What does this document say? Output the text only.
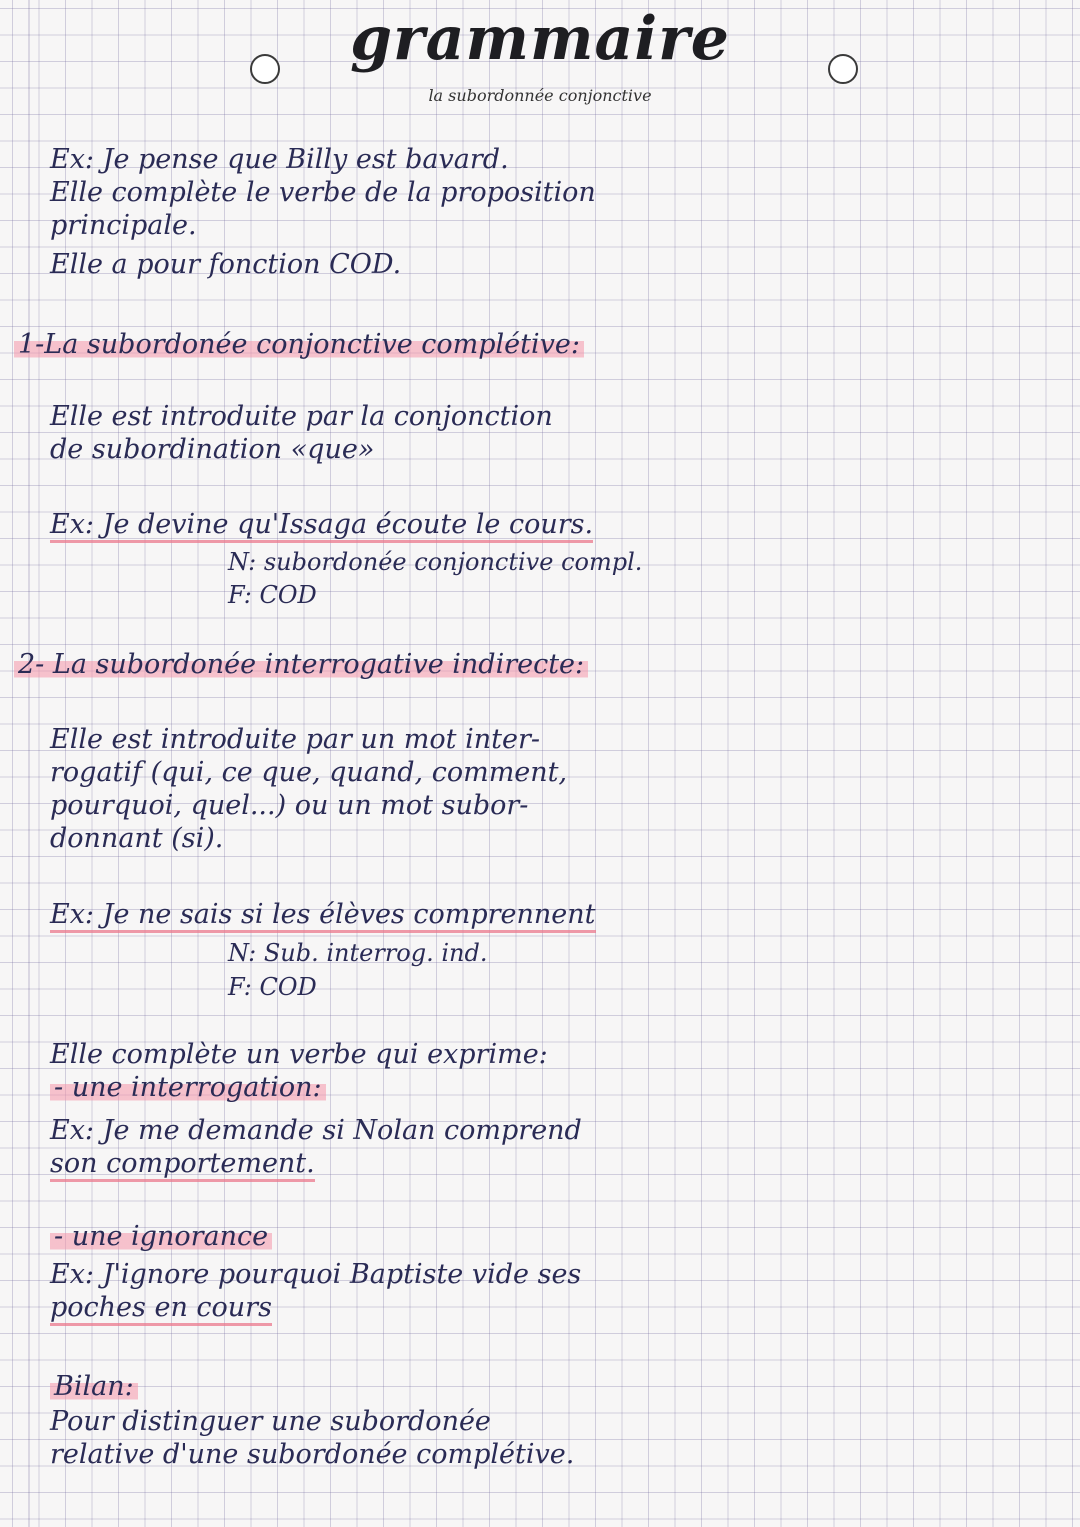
grammaire
la subordonnée conjonctive
Ex: Je pense que Billy est bavard.
Elle complète le verbe de la proposition
principale.
Elle a pour fonction COD.
1-La subordonée conjonctive complétive:
Elle est introduite par la conjonction
de subordination «que»
Ex: Je devine qu'Issaga écoute le cours.
N: subordonée conjonctive compl.
F: COD
2- La subordonée interrogative indirecte:
Elle est introduite par un mot inter-
rogatif (qui, ce que, quand, comment,
pourquoi, quel...) ou un mot subor-
donnant (si).
Ex: Je ne sais si les élèves comprennent
N: Sub. interrog. ind.
F: COD
Elle complète un verbe qui exprime:
- une interrogation:
Ex: Je me demande si Nolan comprend
son comportement.
- une ignorance
Ex: J'ignore pourquoi Baptiste vide ses
poches en cours
Bilan:
Pour distinguer une subordonée
relative d'une subordonée complétive.
